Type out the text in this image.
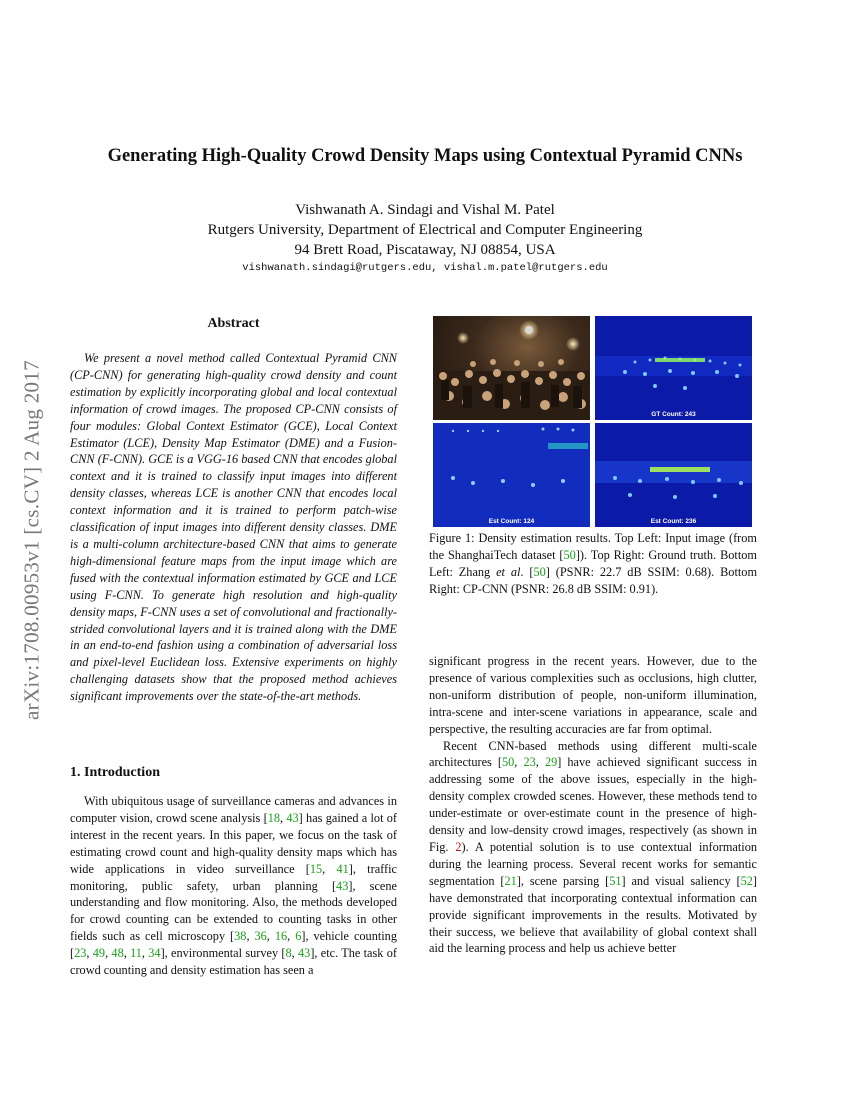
arXiv:1708.00953v1 [cs.CV] 2 Aug 2017
Generating High-Quality Crowd Density Maps using Contextual Pyramid CNNs
Vishwanath A. Sindagi and Vishal M. Patel
Rutgers University, Department of Electrical and Computer Engineering
94 Brett Road, Piscataway, NJ 08854, USA
vishwanath.sindagi@rutgers.edu, vishal.m.patel@rutgers.edu
Abstract

We present a novel method called Contextual Pyramid CNN (CP-CNN) for generating high-quality crowd density and count estimation by explicitly incorporating global and local contextual information of crowd images. The proposed CP-CNN consists of four modules: Global Context Estimator (GCE), Local Context Estimator (LCE), Density Map Estimator (DME) and a Fusion-CNN (F-CNN). GCE is a VGG-16 based CNN that encodes global context and it is trained to classify input images into different density classes, whereas LCE is another CNN that encodes local context information and it is trained to perform patch-wise classification of input images into different density classes. DME is a multi-column architecture-based CNN that aims to generate high-dimensional feature maps from the input image which are fused with the contextual information estimated by GCE and LCE using F-CNN. To generate high resolution and high-quality density maps, F-CNN uses a set of convolutional and fractionally-strided convolutional layers and it is trained along with the DME in an end-to-end fashion using a combination of adversarial loss and pixel-level Euclidean loss. Extensive experiments on highly challenging datasets show that the proposed method achieves significant improvements over the state-of-the-art methods.

1. Introduction

With ubiquitous usage of surveillance cameras and advances in computer vision, crowd scene analysis [18, 43] has gained a lot of interest in the recent years. In this paper, we focus on the task of estimating crowd count and high-quality density maps which has wide applications in video surveillance [15, 41], traffic monitoring, public safety, urban planning [43], scene understanding and flow monitoring. Also, the methods developed for crowd counting can be extended to counting tasks in other fields such as cell microscopy [38, 36, 16, 6], vehicle counting [23, 49, 48, 11, 34], environmental survey [8, 43], etc. The task of crowd counting and density estimation has seen a

GT Count: 243
Est Count: 124	Est Count: 236
Figure 1: Density estimation results. Top Left: Input image (from the ShanghaiTech dataset [50]). Top Right: Ground truth. Bottom Left: Zhang et al. [50] (PSNR: 22.7 dB SSIM: 0.68). Bottom Right: CP-CNN (PSNR: 26.8 dB SSIM: 0.91).

significant progress in the recent years. However, due to the presence of various complexities such as occlusions, high clutter, non-uniform distribution of people, non-uniform illumination, intra-scene and inter-scene variations in appearance, scale and perspective, the resulting accuracies are far from optimal.

Recent CNN-based methods using different multi-scale architectures [50, 23, 29] have achieved significant success in addressing some of the above issues, especially in the high-density complex crowded scenes. However, these methods tend to under-estimate or over-estimate count in the presence of high-density and low-density crowd images, respectively (as shown in Fig. 2). A potential solution is to use contextual information during the learning process. Several recent works for semantic segmentation [21], scene parsing [51] and visual saliency [52] have demonstrated that incorporating contextual information can provide significant improvements in the results. Motivated by their success, we believe that availability of global context shall aid the learning process and help us achieve better
